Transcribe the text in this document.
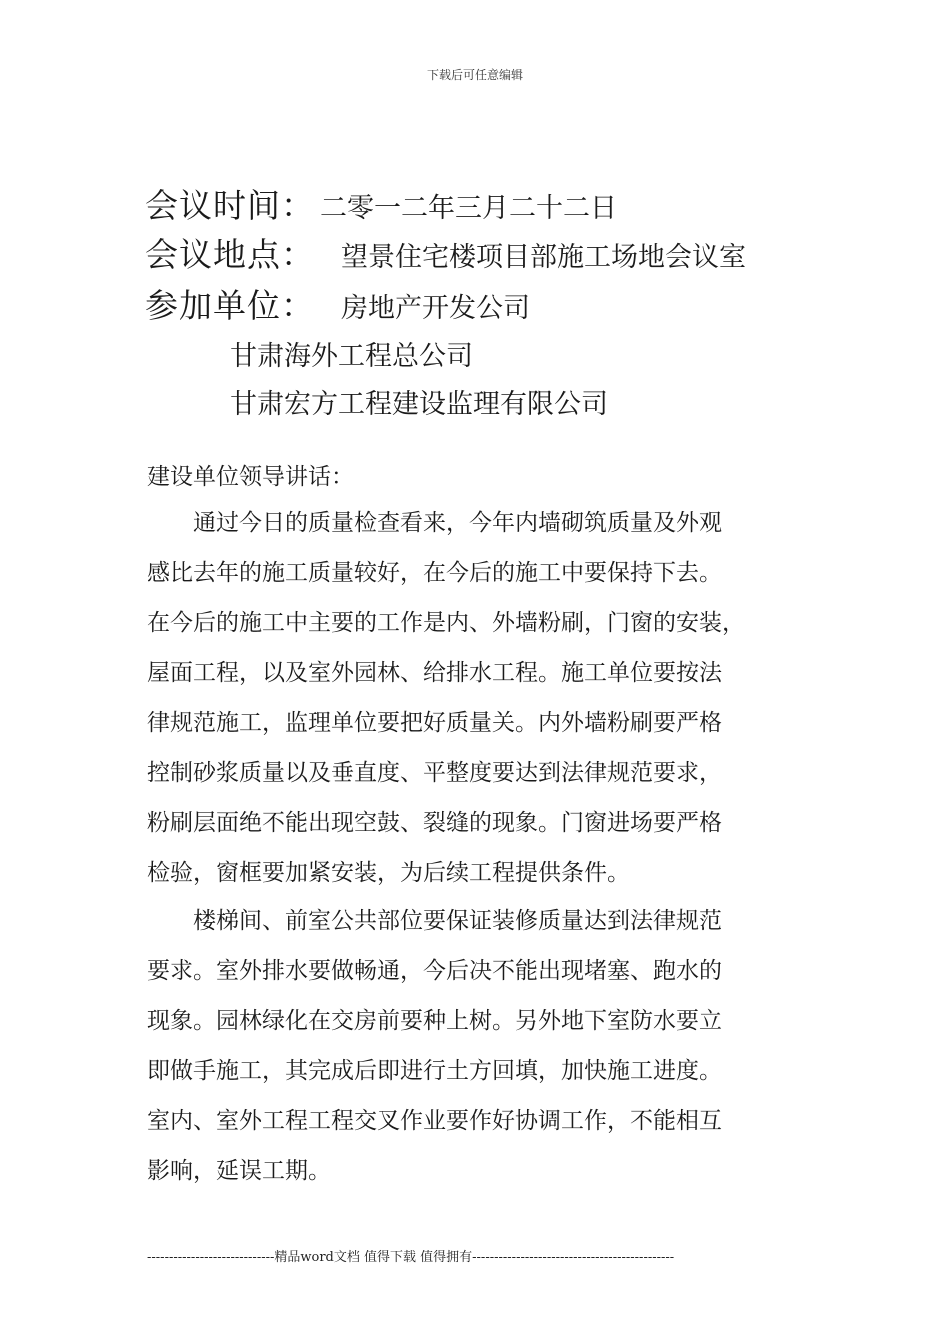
下载后可任意编辑
会议时间： 二零一二年三月二十二日
会议地点： 望景住宅楼项目部施工场地会议室
参加单位： 房地产开发公司
甘肃海外工程总公司
甘肃宏方工程建设监理有限公司
建设单位领导讲话：
　　通过今日的质量检查看来，今年内墙砌筑质量及外观
感比去年的施工质量较好，在今后的施工中要保持下去。
在今后的施工中主要的工作是内、外墙粉刷，门窗的安装，
屋面工程，以及室外园林、给排水工程。施工单位要按法
律规范施工，监理单位要把好质量关。内外墙粉刷要严格
控制砂浆质量以及垂直度、平整度要达到法律规范要求，
粉刷层面绝不能出现空鼓、裂缝的现象。门窗进场要严格
检验，窗框要加紧安装，为后续工程提供条件。
　　楼梯间、前室公共部位要保证装修质量达到法律规范
要求。室外排水要做畅通，今后决不能出现堵塞、跑水的
现象。园林绿化在交房前要种上树。另外地下室防水要立
即做手施工，其完成后即进行土方回填，加快施工进度。
室内、室外工程工程交叉作业要作好协调工作，不能相互
影响，延误工期。
-----------------------------精品word文档 值得下载 值得拥有----------------------------------------------
